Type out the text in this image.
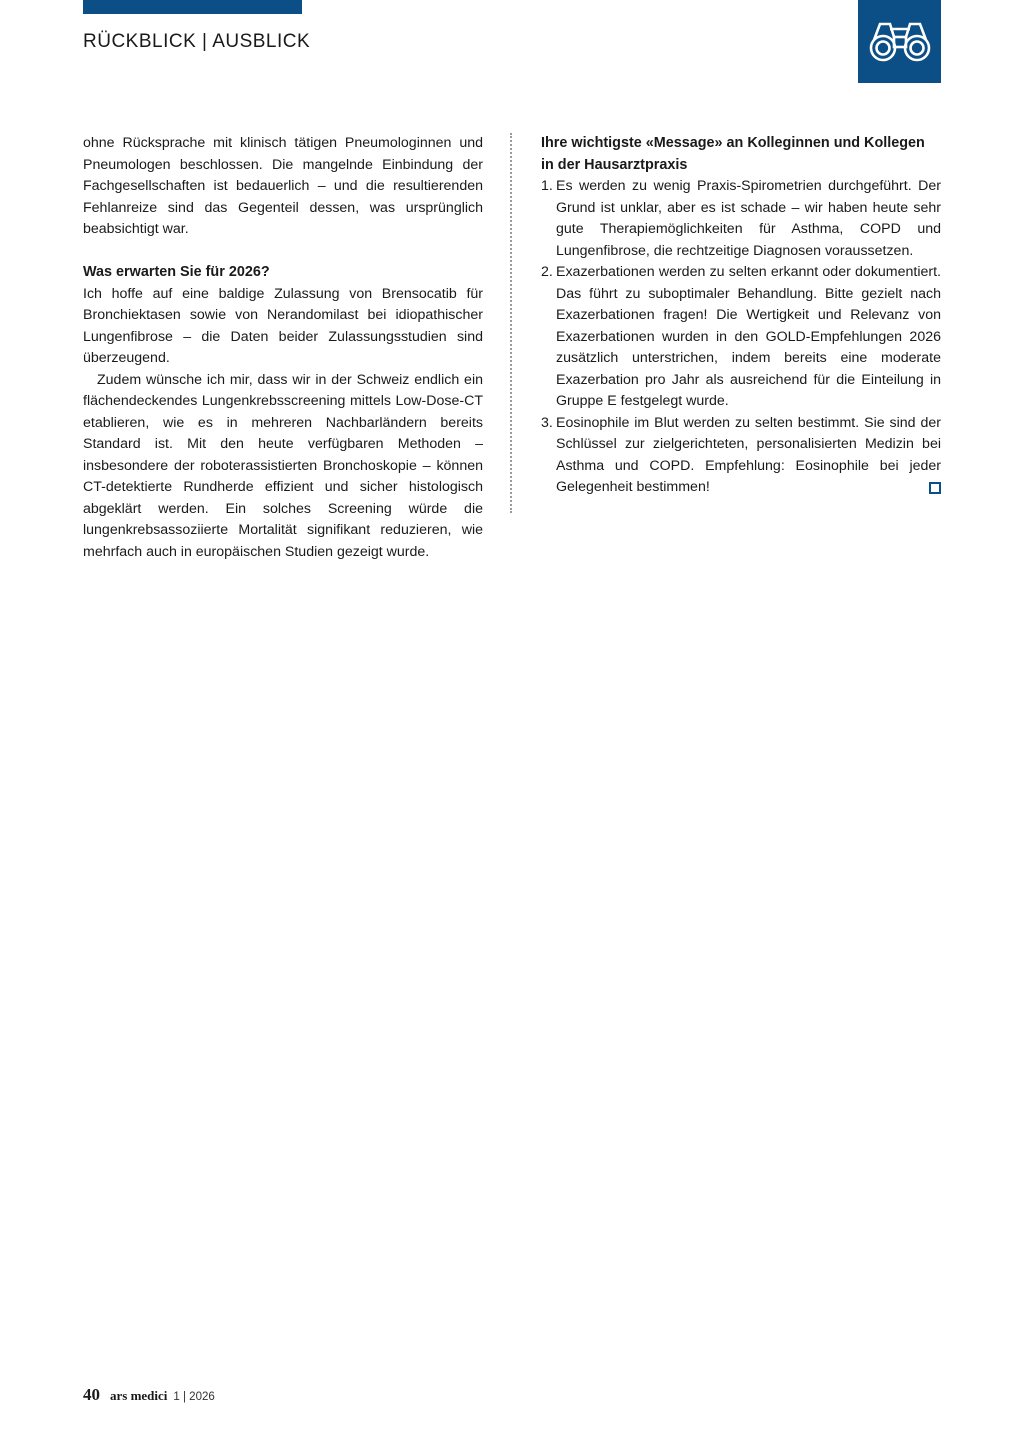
RÜCKBLICK | AUSBLICK

ohne Rücksprache mit klinisch tätigen Pneumologinnen und Pneumologen beschlossen. Die mangelnde Einbindung der Fachgesellschaften ist bedauerlich – und die resultierenden Fehlanreize sind das Gegenteil dessen, was ursprünglich beabsichtigt war.

Was erwarten Sie für 2026?

Ich hoffe auf eine baldige Zulassung von Brensocatib für Bronchiektasen sowie von Nerandomilast bei idiopathischer Lungenfibrose – die Daten beider Zulassungsstudien sind überzeugend.

Zudem wünsche ich mir, dass wir in der Schweiz endlich ein flächendeckendes Lungenkrebsscreening mittels Low-Dose-CT etablieren, wie es in mehreren Nachbarländern bereits Standard ist. Mit den heute verfügbaren Methoden – insbesondere der roboterassistierten Bronchoskopie – können CT-detektierte Rundherde effizient und sicher histologisch abgeklärt werden. Ein solches Screening würde die lungenkrebsassoziierte Mortalität signifikant reduzieren, wie mehrfach auch in europäischen Studien gezeigt wurde.

Ihre wichtigste «Message» an Kolleginnen und Kollegen in der Hausarztpraxis
1. Es werden zu wenig Praxis-Spirometrien durchgeführt. Der Grund ist unklar, aber es ist schade – wir haben heute sehr gute Therapiemöglichkeiten für Asthma, COPD und Lungenfibrose, die rechtzeitige Diagnosen voraussetzen.
2. Exazerbationen werden zu selten erkannt oder dokumentiert. Das führt zu suboptimaler Behandlung. Bitte gezielt nach Exazerbationen fragen! Die Wertigkeit und Relevanz von Exazerbationen wurden in den GOLD-Empfehlungen 2026 zusätzlich unterstrichen, indem bereits eine moderate Exazerbation pro Jahr als ausreichend für die Einteilung in Gruppe E festgelegt wurde.
3. Eosinophile im Blut werden zu selten bestimmt. Sie sind der Schlüssel zur zielgerichteten, personalisierten Medizin bei Asthma und COPD. Empfehlung: Eosinophile bei jeder Gelegenheit bestimmen!
40 ars medici 1 | 2026
